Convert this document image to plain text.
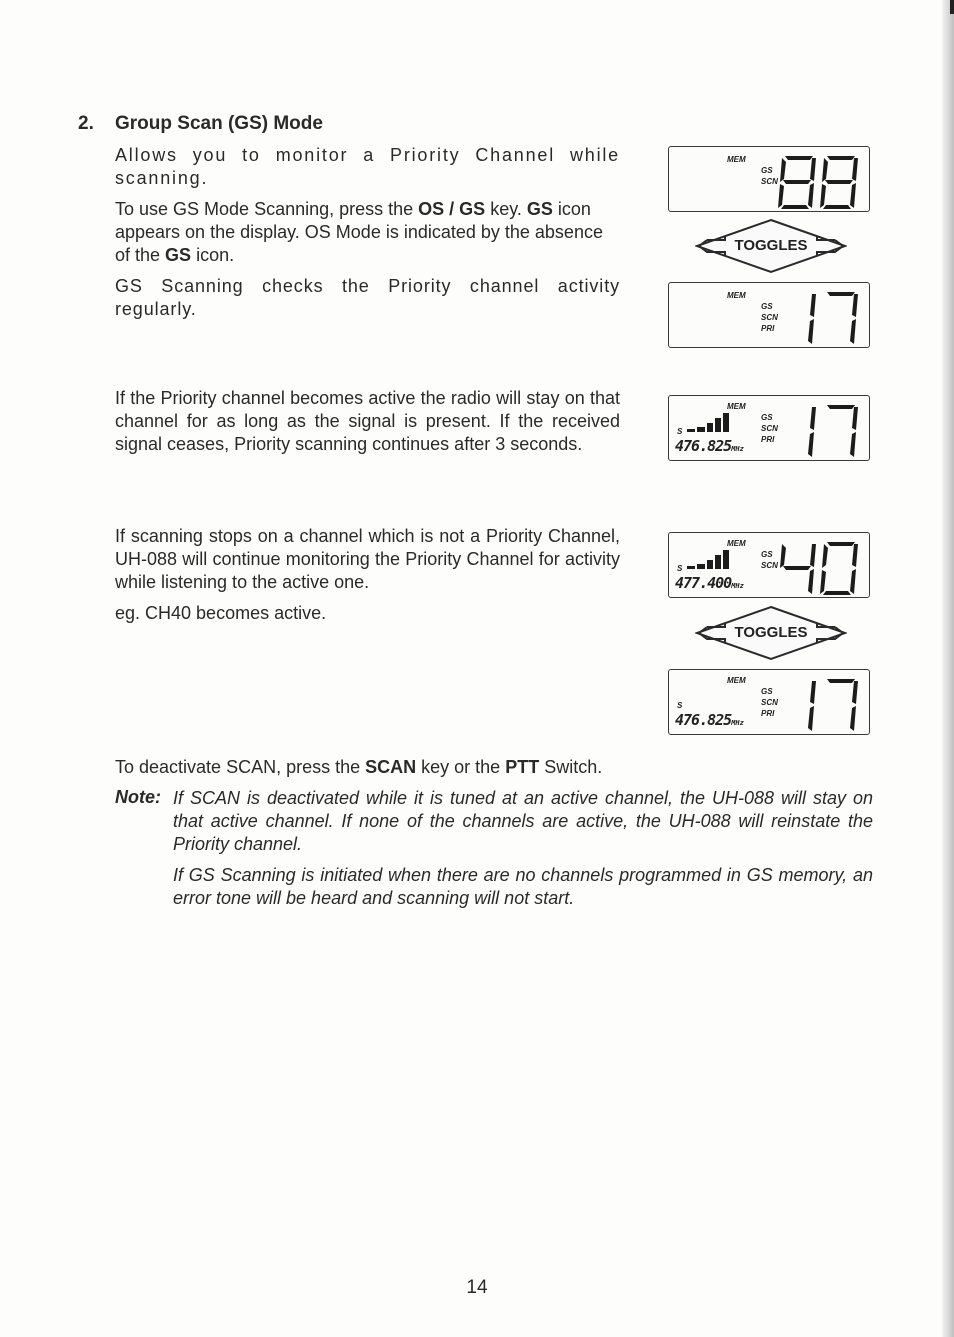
2. Group Scan (GS) Mode

Allows you to monitor a Priority Channel while scanning.

To use GS Mode Scanning, press the OS / GS key. GS icon appears on the display. OS Mode is indicated by the absence of the GS icon.

GS Scanning checks the Priority channel activity regularly.

If the Priority channel becomes active the radio will stay on that channel for as long as the signal is present. If the received signal ceases, Priority scanning continues after 3 seconds.

If scanning stops on a channel which is not a Priority Channel, UH-088 will continue monitoring the Priority Channel for activity while listening to the active one.

eg. CH40 becomes active.

To deactivate SCAN, press the SCAN key or the PTT Switch.

Note: If SCAN is deactivated while it is tuned at an active channel, the UH-088 will stay on that active channel. If none of the channels are active, the UH-088 will reinstate the Priority channel.

If GS Scanning is initiated when there are no channels programmed in GS memory, an error tone will be heard and scanning will not start.

MEM
GS
SCN
TOGGLES
MEM
GS
SCN
PRI
MEM
GS
SCN
PRI
S
476.825MHz
MEM
GS
SCN
S
477.400MHz
TOGGLES
MEM
GS
SCN
PRI
S
476.825MHz
14
